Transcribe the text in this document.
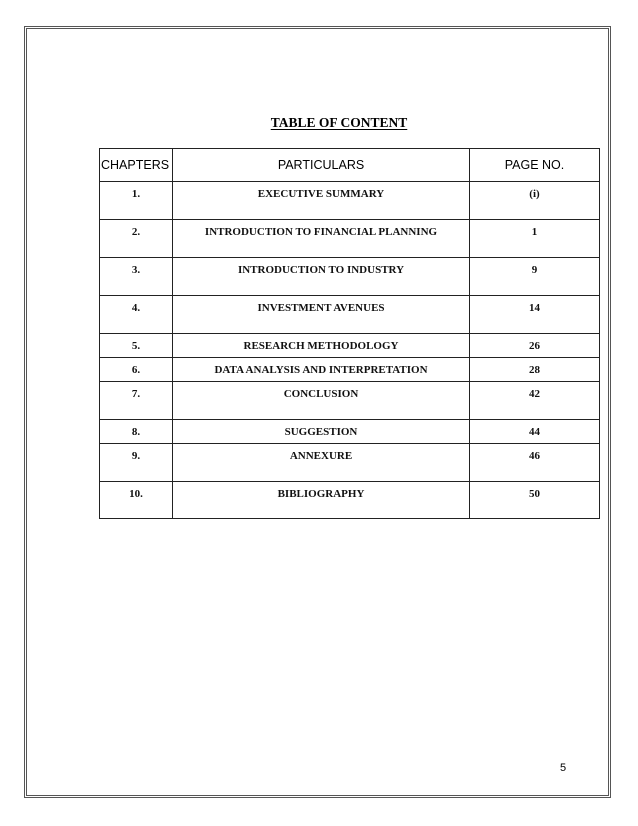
TABLE OF CONTENT
CHAPTERS	PARTICULARS	PAGE NO.
1.	EXECUTIVE SUMMARY	(i)
2.	INTRODUCTION TO FINANCIAL PLANNING	1
3.	INTRODUCTION TO INDUSTRY	9
4.	INVESTMENT AVENUES	14
5.	RESEARCH METHODOLOGY	26
6.	DATA ANALYSIS AND INTERPRETATION	28
7.	CONCLUSION	42
8.	SUGGESTION	44
9.	ANNEXURE	46
10.	BIBLIOGRAPHY	50
5
